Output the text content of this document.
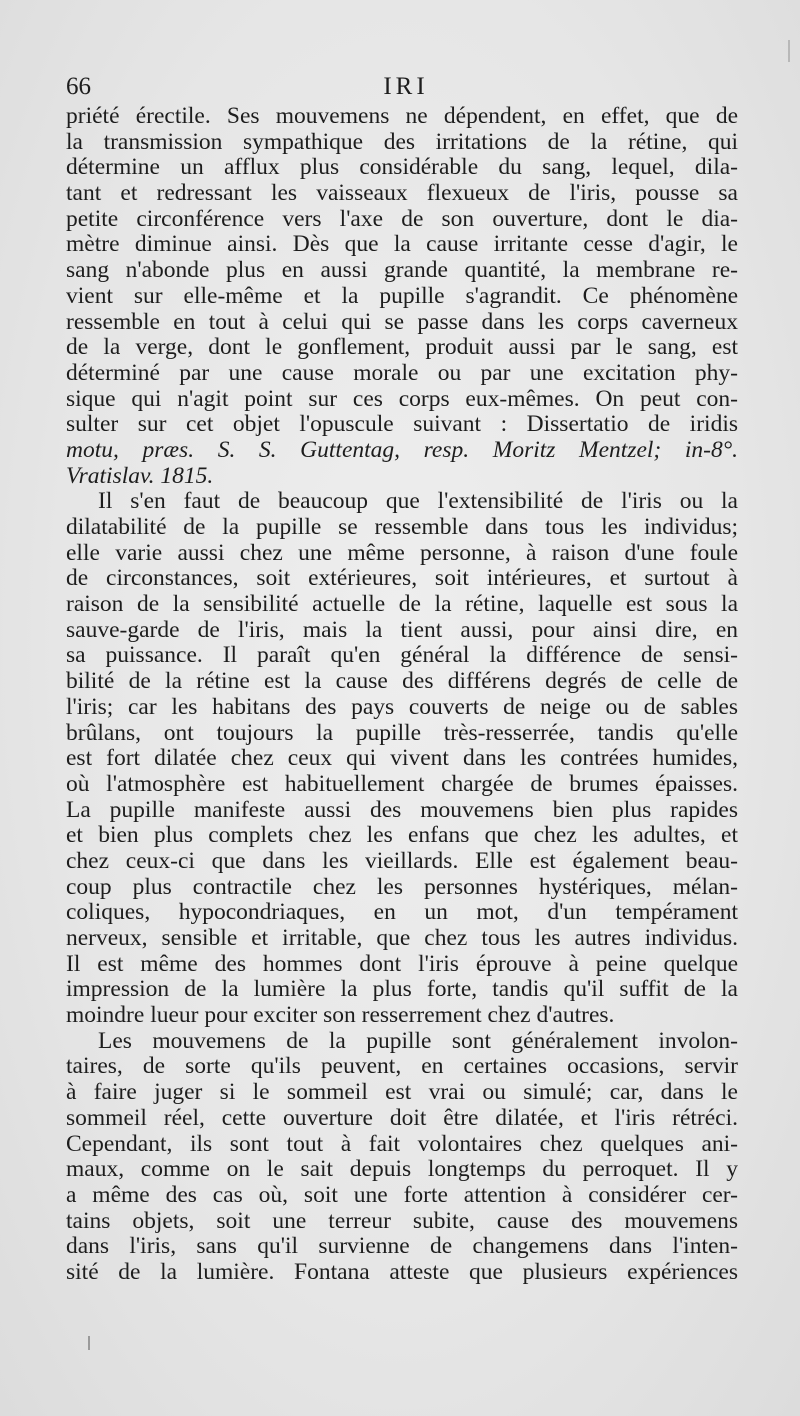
66	IRI
priété érectile. Ses mouvemens ne dépendent, en effet, que de
la transmission sympathique des irritations de la rétine, qui
détermine un afflux plus considérable du sang, lequel, dila-
tant et redressant les vaisseaux flexueux de l'iris, pousse sa
petite circonférence vers l'axe de son ouverture, dont le dia-
mètre diminue ainsi. Dès que la cause irritante cesse d'agir, le
sang n'abonde plus en aussi grande quantité, la membrane re-
vient sur elle-même et la pupille s'agrandit. Ce phénomène
ressemble en tout à celui qui se passe dans les corps caverneux
de la verge, dont le gonflement, produit aussi par le sang, est
déterminé par une cause morale ou par une excitation phy-
sique qui n'agit point sur ces corps eux-mêmes. On peut con-
sulter sur cet objet l'opuscule suivant : Dissertatio de iridis
motu, præs. S. S. Guttentag, resp. Moritz Mentzel; in-8°.
Vratislav. 1815.
Il s'en faut de beaucoup que l'extensibilité de l'iris ou la
dilatabilité de la pupille se ressemble dans tous les individus;
elle varie aussi chez une même personne, à raison d'une foule
de circonstances, soit extérieures, soit intérieures, et surtout à
raison de la sensibilité actuelle de la rétine, laquelle est sous la
sauve-garde de l'iris, mais la tient aussi, pour ainsi dire, en
sa puissance. Il paraît qu'en général la différence de sensi-
bilité de la rétine est la cause des différens degrés de celle de
l'iris; car les habitans des pays couverts de neige ou de sables
brûlans, ont toujours la pupille très-resserrée, tandis qu'elle
est fort dilatée chez ceux qui vivent dans les contrées humides,
où l'atmosphère est habituellement chargée de brumes épaisses.
La pupille manifeste aussi des mouvemens bien plus rapides
et bien plus complets chez les enfans que chez les adultes, et
chez ceux-ci que dans les vieillards. Elle est également beau-
coup plus contractile chez les personnes hystériques, mélan-
coliques, hypocondriaques, en un mot, d'un tempérament
nerveux, sensible et irritable, que chez tous les autres individus.
Il est même des hommes dont l'iris éprouve à peine quelque
impression de la lumière la plus forte, tandis qu'il suffit de la
moindre lueur pour exciter son resserrement chez d'autres.
Les mouvemens de la pupille sont généralement involon-
taires, de sorte qu'ils peuvent, en certaines occasions, servir
à faire juger si le sommeil est vrai ou simulé; car, dans le
sommeil réel, cette ouverture doit être dilatée, et l'iris rétréci.
Cependant, ils sont tout à fait volontaires chez quelques ani-
maux, comme on le sait depuis longtemps du perroquet. Il y
a même des cas où, soit une forte attention à considérer cer-
tains objets, soit une terreur subite, cause des mouvemens
dans l'iris, sans qu'il survienne de changemens dans l'inten-
sité de la lumière. Fontana atteste que plusieurs expériences
